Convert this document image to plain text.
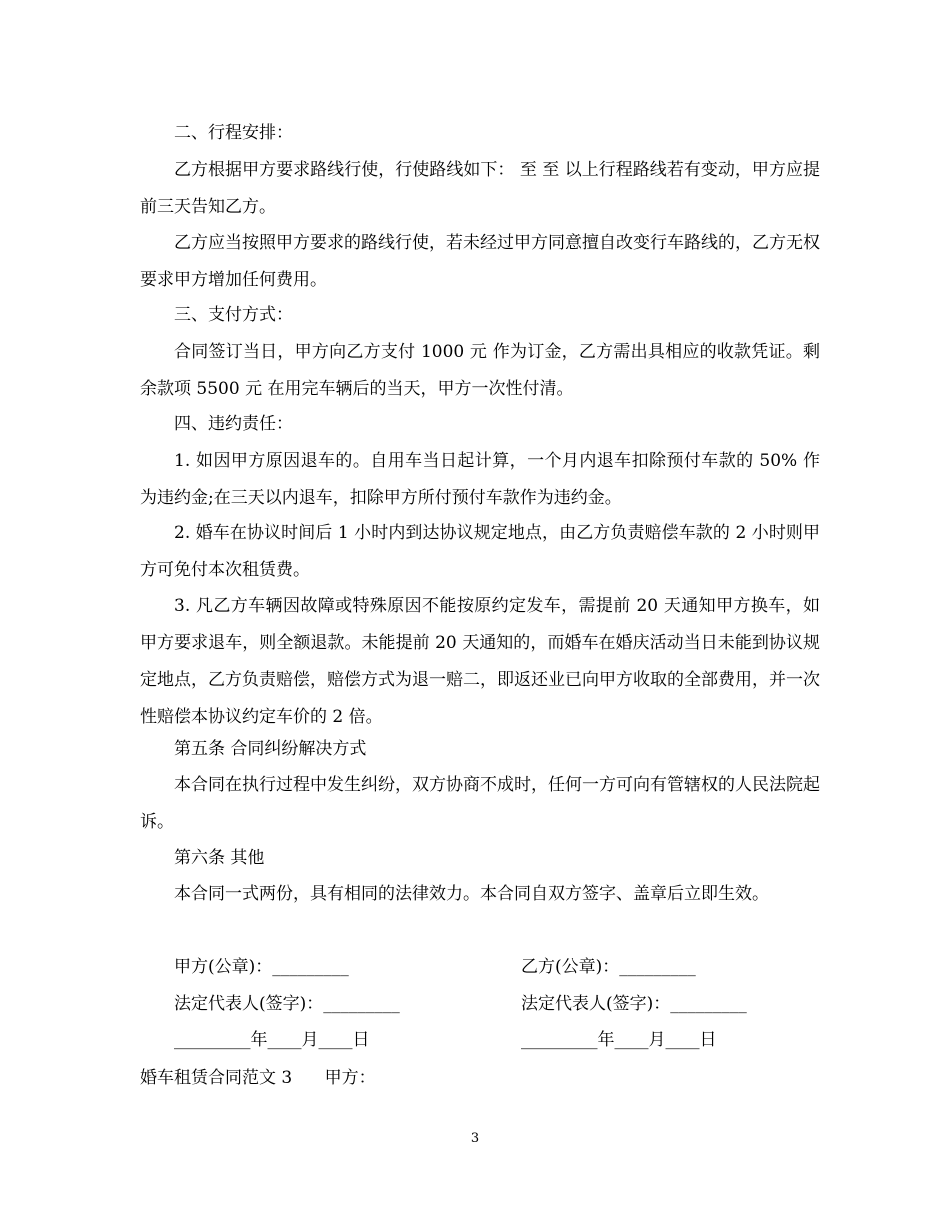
二、行程安排：

乙方根据甲方要求路线行使，行使路线如下： 至 至 以上行程路线若有变动，甲方应提前三天告知乙方。

乙方应当按照甲方要求的路线行使，若未经过甲方同意擅自改变行车路线的，乙方无权要求甲方增加任何费用。

三、支付方式：

合同签订当日，甲方向乙方支付 1000 元 作为订金，乙方需出具相应的收款凭证。剩余款项 5500 元 在用完车辆后的当天，甲方一次性付清。

四、违约责任：

1. 如因甲方原因退车的。自用车当日起计算，一个月内退车扣除预付车款的 50% 作为违约金;在三天以内退车，扣除甲方所付预付车款作为违约金。

2. 婚车在协议时间后 1 小时内到达协议规定地点，由乙方负责赔偿车款的 2 小时则甲方可免付本次租赁费。

3. 凡乙方车辆因故障或特殊原因不能按原约定发车，需提前 20 天通知甲方换车，如甲方要求退车，则全额退款。未能提前 20 天通知的，而婚车在婚庆活动当日未能到协议规定地点，乙方负责赔偿，赔偿方式为退一赔二，即返还业已向甲方收取的全部费用，并一次性赔偿本协议约定车价的 2 倍。

第五条 合同纠纷解决方式

本合同在执行过程中发生纠纷，双方协商不成时，任何一方可向有管辖权的人民法院起诉。

第六条 其他

本合同一式两份，具有相同的法律效力。本合同自双方签字、盖章后立即生效。

甲方(公章)：_________	乙方(公章)：_________
法定代表人(签字)：_________	法定代表人(签字)：_________
_________年____月____日	_________年____月____日
婚车租赁合同范文 3      甲方：
3
